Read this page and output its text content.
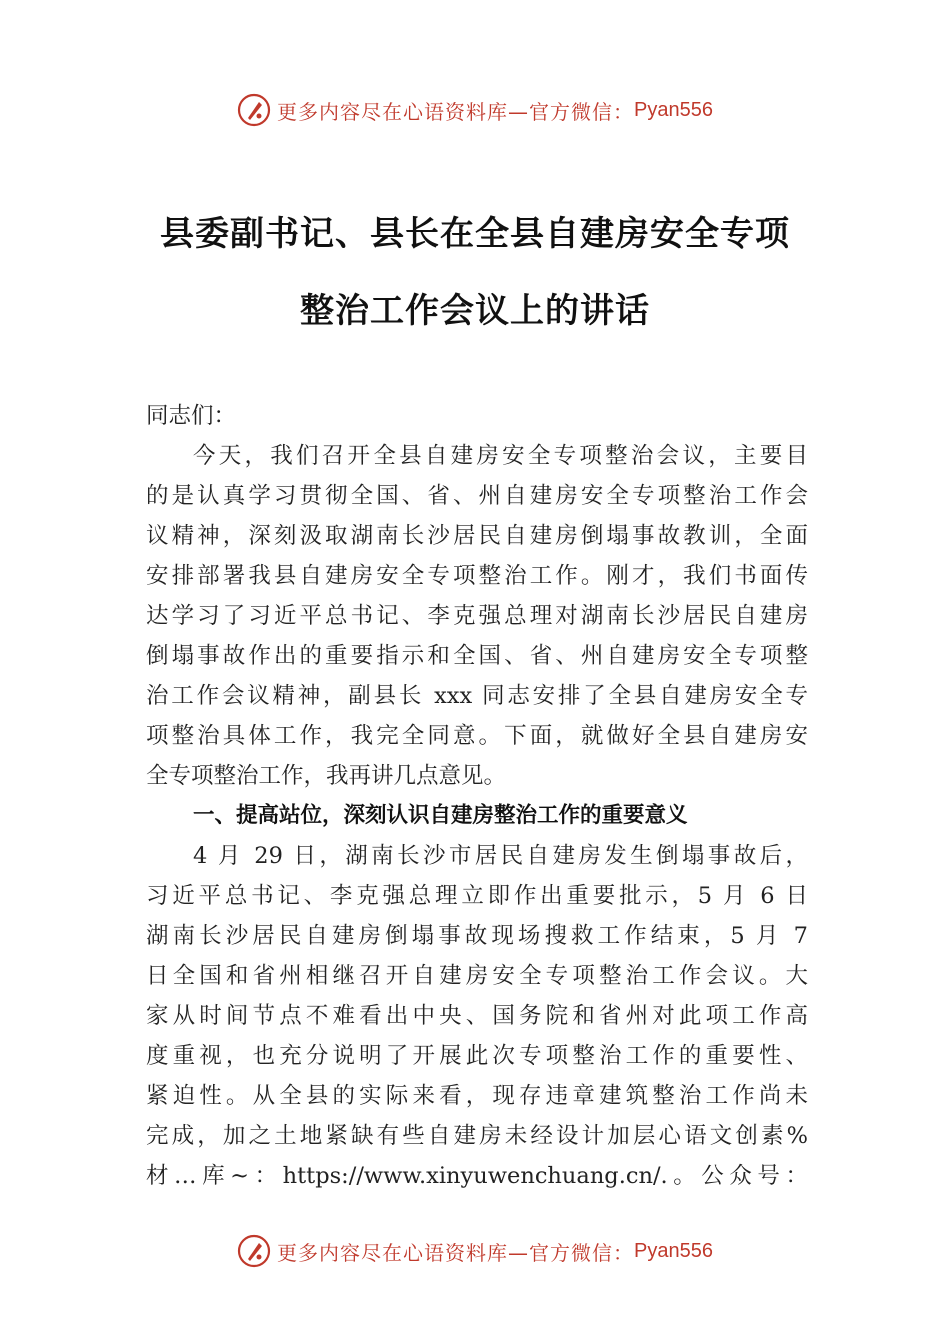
更多内容尽在心语资料库—官方微信： Pyan556
县委副书记、县长在全县自建房安全专项
整治工作会议上的讲话
同志们：
今天，我们召开全县自建房安全专项整治会议，主要目
的是认真学习贯彻全国、省、州自建房安全专项整治工作会
议精神，深刻汲取湖南长沙居民自建房倒塌事故教训，全面
安排部署我县自建房安全专项整治工作。刚才，我们书面传
达学习了习近平总书记、李克强总理对湖南长沙居民自建房
倒塌事故作出的重要指示和全国、省、州自建房安全专项整
治工作会议精神，副县长 xxx 同志安排了全县自建房安全专
项整治具体工作，我完全同意。下面，就做好全县自建房安
全专项整治工作，我再讲几点意见。
一、提高站位，深刻认识自建房整治工作的重要意义
4 月 29 日，湖南长沙市居民自建房发生倒塌事故后，
习近平总书记、李克强总理立即作出重要批示，5 月 6 日
湖南长沙居民自建房倒塌事故现场搜救工作结束，5 月 7
日全国和省州相继召开自建房安全专项整治工作会议。大
家从时间节点不难看出中央、国务院和省州对此项工作高
度重视，也充分说明了开展此次专项整治工作的重要性、
紧迫性。从全县的实际来看，现存违章建筑整治工作尚未
完成，加之土地紧缺有些自建房未经设计加层心语文创素%
材…库~：https://www.xinyuwenchuang.cn/.。公众号：
更多内容尽在心语资料库—官方微信： Pyan556
